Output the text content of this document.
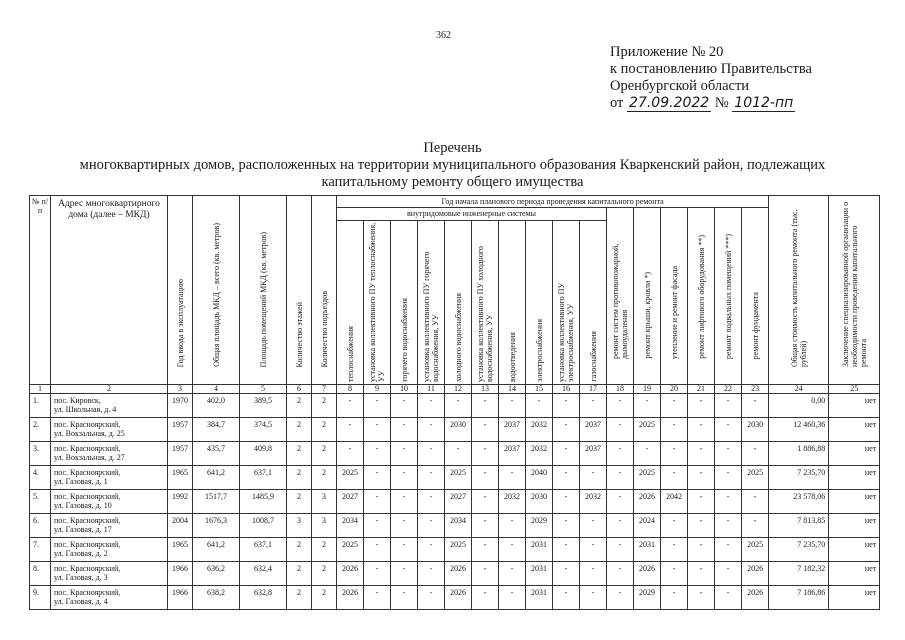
362
Приложение № 20
к постановлению Правительства
Оренбургской области
от 27.09.2022 № 1012-пп
Перечень
многоквартирных домов, расположенных на территории муниципального образования Кваркенский район, подлежащих
капитальному ремонту общего имущества
№ п/п	Адрес многоквартирного дома (далее – МКД)	Год ввода в эксплуатацию	Общая площадь МКД – всего (кв. метров)	Площадь помещений МКД (кв. метров)	Количество этажей	Количество подъездов	Год начала планового периода проведения капитального ремонта																Общая стоимость капитального ремонта (тыс. рублей)	Заключение специализированной организации о необходимости проведения капитального ремонта

							внутридомовые инженерные системы										ремонт систем противопожарной, дымоудаления	ремонт крыши, кровли *)	утепление и ремонт фасада	ремонт лифтового оборудования **)	ремонт подвальных помещений ***)	ремонт фундамента		

							теплоснабжения	установка коллективного ПУ теплоснабжения, УУ	горячего водоснабжения	установка коллективного ПУ горячего водоснабжения, УУ	холодного водоснабжения	установка коллективного ПУ холодного водоснабжения, УУ	водоотведения	электроснабжения	установка коллективного ПУ электроснабжения, УУ	газоснабжения								

1	2	3	4	5	6	7	8	9	10	11	12	13	14	15	16	17	18	19	20	21	22	23	24	25
1.	пос. Кировск,
ул. Школьная, д. 4	1970	402,0	389,5	2	2	-	-	-	-	-	-	-	-	-	-	-	-	-	-	-	-	0,00	нет
2.	пос. Красноярский,
ул. Вокзальная, д. 25	1957	384,7	374,5	2	2	-	-	-	-	2030	-	2037	2032	-	2037	-	2025	-	-	-	2030	12 460,36	нет
3.	пос. Красноярский,
ул. Вокзальная, д. 27	1957	435,7	409,8	2	2	-	-	-	-	-	-	2037	2032	-	2037	-	-	-	-	-	-	1 886,88	нет
4.	пос. Красноярский,
ул. Газовая, д. 1	1965	641,2	637,1	2	2	2025	-	-	-	2025	-	-	2040	-	-	-	2025	-	-	-	2025	7 235,70	нет
5.	пос. Красноярский,
ул. Газовая, д. 10	1992	1517,7	1485,9	2	3	2027	-	-	-	2027	-	2032	2030	-	2032	-	2026	2042	-	-	-	23 578,06	нет
6.	пос. Красноярский,
ул. Газовая, д. 17	2004	1676,3	1008,7	3	3	2034	-	-	-	2034	-	-	2029	-	-	-	2024	-	-	-	-	7 813,85	нет
7.	пос. Красноярский,
ул. Газовая, д. 2	1965	641,2	637,1	2	2	2025	-	-	-	2025	-	-	2031	-	-	-	2031	-	-	-	2025	7 235,70	нет
8.	пос. Красноярский,
ул. Газовая, д. 3	1966	636,2	632,4	2	2	2026	-	-	-	2026	-	-	2031	-	-	-	2026	-	-	-	2026	7 182,32	нет
9.	пос. Красноярский,
ул. Газовая, д. 4	1966	638,2	632,8	2	2	2026	-	-	-	2026	-	-	2031	-	-	-	2029	-	-	-	2026	7 186,86	нет
